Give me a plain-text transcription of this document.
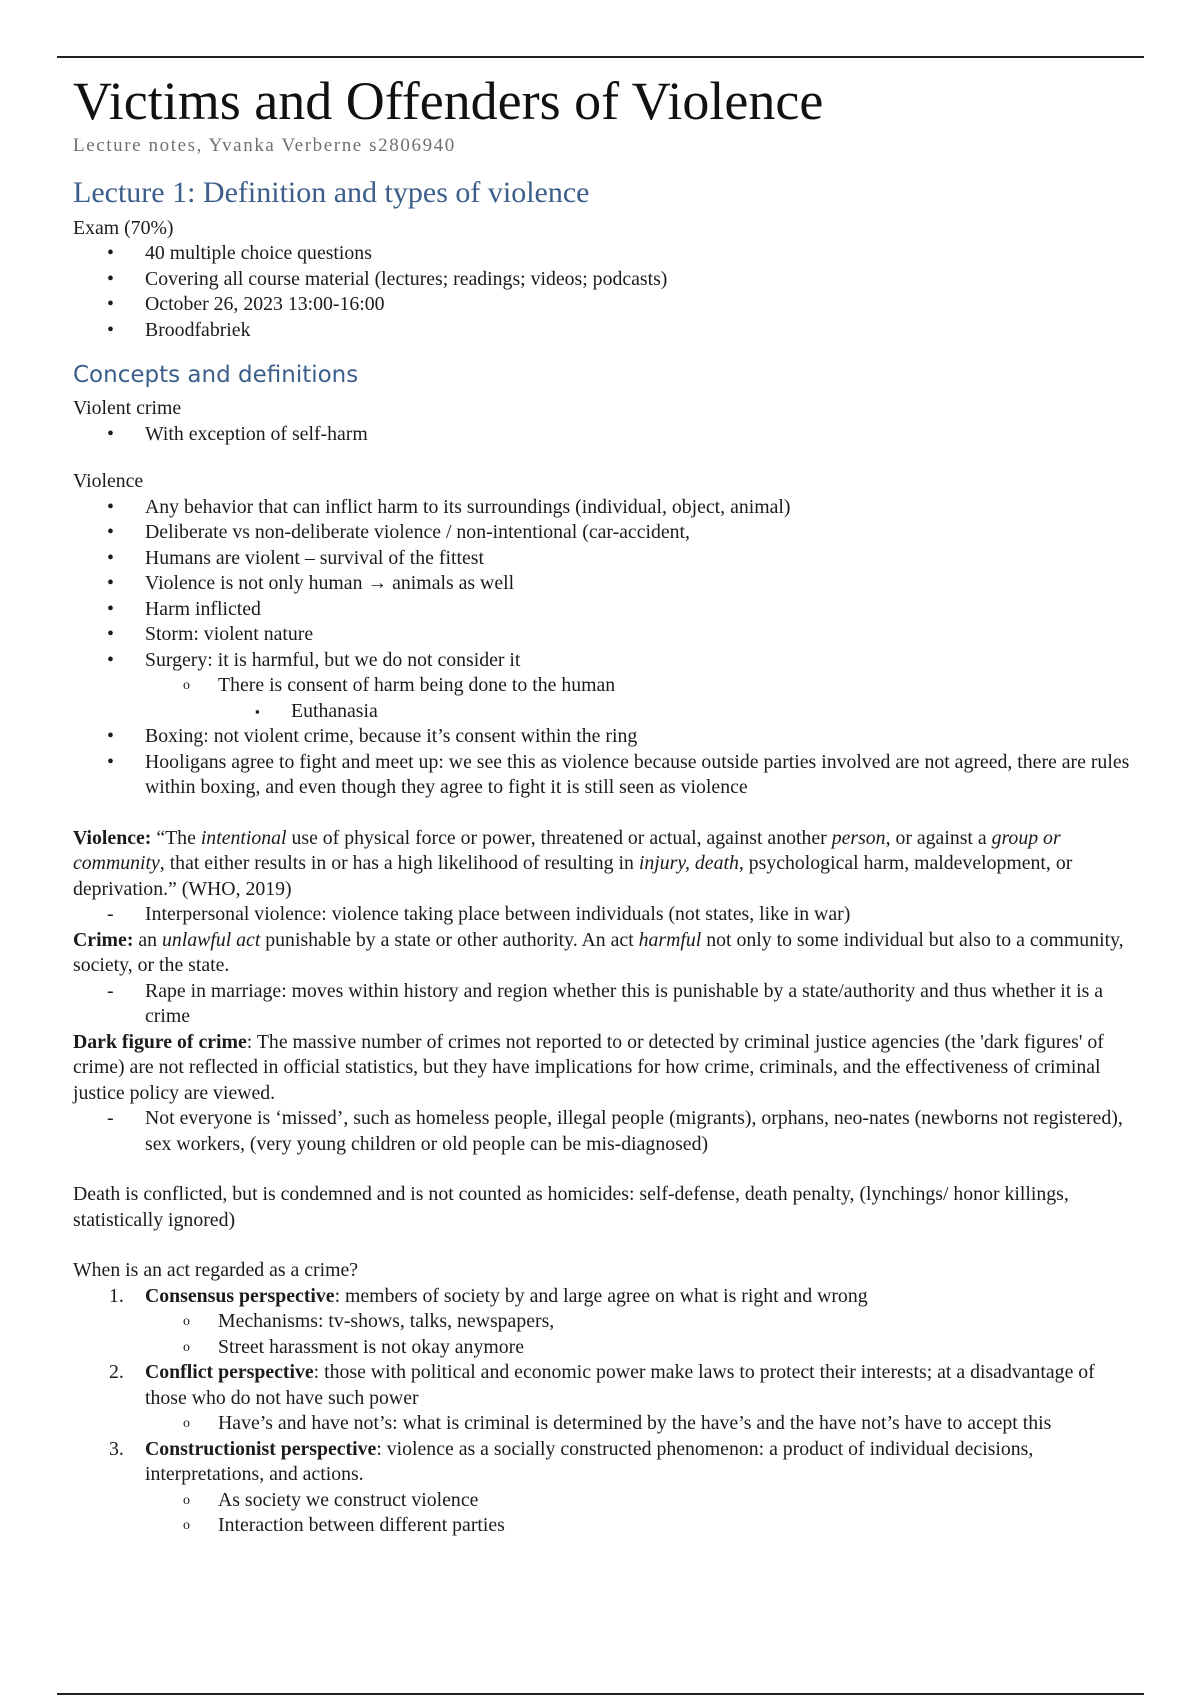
Victims and Offenders of Violence

Lecture notes, Yvanka Verberne s2806940

Lecture 1: Definition and types of violence

Exam (70%)

•	40 multiple choice questions
•	Covering all course material (lectures; readings; videos; podcasts)
•	October 26, 2023 13:00-16:00
•	Broodfabriek
Concepts and definitions

Violent crime

•	With exception of self-harm

Violence

•	Any behavior that can inflict harm to its surroundings (individual, object, animal)
•	Deliberate vs non-deliberate violence / non-intentional (car-accident,
•	Humans are violent – survival of the fittest
•	Violence is not only human → animals as well
•	Harm inflicted
•	Storm: violent nature
•	Surgery: it is harmful, but we do not consider it
o	There is consent of harm being done to the human
▪	Euthanasia
•	Boxing: not violent crime, because it’s consent within the ring
•	Hooligans agree to fight and meet up: we see this as violence because outside parties involved are not agreed, there are rules within boxing, and even though they agree to fight it is still seen as violence

Violence: “The intentional use of physical force or power, threatened or actual, against another person, or against a group or community, that either results in or has a high likelihood of resulting in injury, death, psychological harm, maldevelopment, or deprivation.” (WHO, 2019)

-	Interpersonal violence: violence taking place between individuals (not states, like in war)

Crime: an unlawful act punishable by a state or other authority. An act harmful not only to some individual but also to a community, society, or the state.

-	Rape in marriage: moves within history and region whether this is punishable by a state/authority and thus whether it is a crime

Dark figure of crime: The massive number of crimes not reported to or detected by criminal justice agencies (the 'dark figures' of crime) are not reflected in official statistics, but they have implications for how crime, criminals, and the effectiveness of criminal justice policy are viewed.

-	Not everyone is ‘missed’, such as homeless people, illegal people (migrants), orphans, neo-nates (newborns not registered), sex workers, (very young children or old people can be mis-diagnosed)

Death is conflicted, but is condemned and is not counted as homicides: self-defense, death penalty, (lynchings/ honor killings, statistically ignored)

When is an act regarded as a crime?

1.	Consensus perspective: members of society by and large agree on what is right and wrong
o	Mechanisms: tv-shows, talks, newspapers,
o	Street harassment is not okay anymore
2.	Conflict perspective: those with political and economic power make laws to protect their interests; at a disadvantage of those who do not have such power
o	Have’s and have not’s: what is criminal is determined by the have’s and the have not’s have to accept this
3.	Constructionist perspective: violence as a socially constructed phenomenon: a product of individual decisions, interpretations, and actions.
o	As society we construct violence
o	Interaction between different parties
